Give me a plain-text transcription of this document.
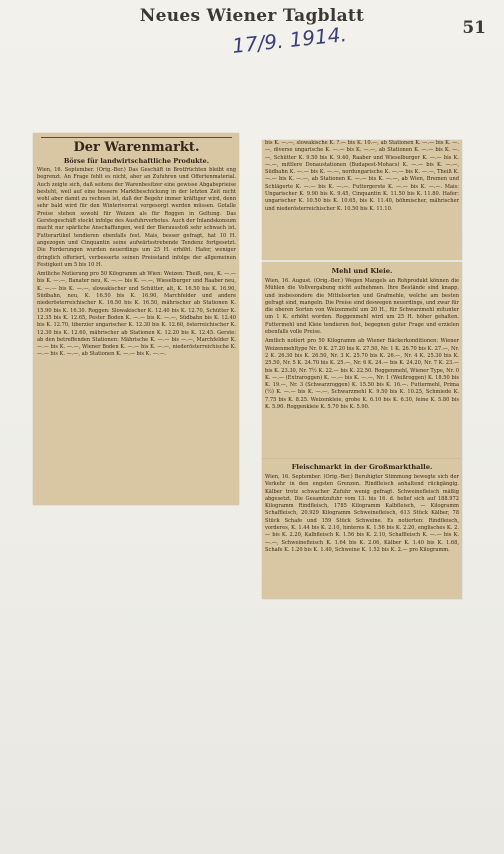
Neues Wiener Tagblatt
51
17/9. 1914.
Der Warenmarkt.
Börse für landwirtschaftliche Produkte.

Wien, 16. September. (Orig.-Ber.) Das Geschäft in Brotfrüchten bleibt eng begrenzt. An Frage fehlt es nicht, aber an Zufuhren und Offertenmaterial. Auch zeigte sich, daß seitens der Warenbesitzer eine gewisse Abgabsprieise besteht, weil auf eine bessere Marktbeschickung in der letzten Zeit nicht wohl aber damit zu rechnen ist, daß der Begehr immer kräftiger wird, denn sehr bald wird für den Winterivorrat vorgesorgt werden müssen. Gotalle Preise stehen sowohl für Weizen als für Roggen in Geltung. Das Gerstegeschäft stockt infolge des Ausfuhrverbotes. Auch der Inlandskonsum macht nur spärliche Anschaffungen, weil der Bierausstoß sehr schwach ist. Futterartikel tendieren ebenfalls fest. Mais, besser gefragt, hat 10 H. angezogen und Cinquantin seine aufwärtsstrebende Tendenz fortgesetzt. Die Forderungen wurden neuerdings um 25 H. erhöht. Hafer, weniger dringlich offeriert, verbesserte seinen Preisstand infolge der allgemeinen Festigkeit um 5 bis 10 H.

Amtliche Notierung pro 50 Kilogramm ab Wien: Weizen: Theiß, neu, K. —.— bis K. —.—, Banater neu, K. —.— bis K. —.—, Wieselburger und Raaber neu, K. —.— bis K. —.—, slowakischer und Schütter, alt, K. 16.50 bis K. 16.90, Südbahn, neu, K. 16.50 bis K. 16.90, Marchfelder und andere niederösterreichischer K. 16.50 bis K. 16.50, mährischer ab Stationen K. 15.90 bis K. 16.30. Roggen: Slowakischer K. 12.40 bis K. 12.70, Schütter K. 12.35 bis K. 12.65, Pester Boden K. —.— bis K. —.—, Südbahn bis K. 12.40 bis K. 12.70, tiberzier ungarischer K. 12.30 bis K. 12.60, österreichischer K. 12.30 bis K. 12.60, mährischer ab Stationen K. 12.20 bis K. 12.45. Gerste: ab den betreffenden Stationen: Mährische K. —.— bis —.—, Marchfelder K. —.— bis K. —.—, Wiener Boden K. —.— bis K. —.—, niederösterreichische K. —.— bis K. —.—, ab Stationen K. —.— bis K. —.—.

bis K. —.—, slowakische K. ?.— bis K. 10.—, ab Stationen K. —.— bis K. —.—, diverse ungarische K. —.— bis K. —.—, ab Stationen K. —.— bis K. —.—, Schütter K. 9.50 bis K. 9.40, Raaber und Wieselburger K. —.— bis K. —.—, mittlere Donaustationen (Budapest-Mohacs) K. —.— bis K. —.—, Südbahn K. —.— bis K. —.—, nordungarische K. —.— bis K. —.—, Theiß K. —.— bis K. —.—, ab Stationen K. —.— bis K. —.—, ab Wien, Bremen und Schlägerte K. —.— bis K. —.—. Futtergerste K. —.— bis K. —.—. Mais: Ungarischer K. 9.90 bis K. 9.45, Cinquantin K. 11.50 bis K. 11.80. Hafer: ungarischer K. 10.50 bis K. 10.65, bis K. 11.40, böhmischer, mährischer und niederösterreichischer K. 10.50 bis K. 11.10.

Mehl und Kleie.

Wien, 16. August. (Orig.-Ber.) Wegen Mangels an Rohprodukt können die Mühlen die Vollvergabung nicht aufnehmen. Ihre Bestände sind knapp, und insbesondere die Mittelsorten und Grafmehle, welche am besten gefragt sind, mangeln. Die Preise sind deswegen neuerdings, und zwar für die oberen Sorten von Weizenmehl um 20 H., für Schwarzmehl mitunter um 1 K. erhöht worden. Roggenmehl wird um 25 H. höher gehalten. Futtermehl und Kleie tendieren fest, begegnen guter Frage und erzielen ebenfalls volle Preise.

Amtlich notiert pro 50 Kilogramm ab Wiener Bäckerkonditionen: Wiener Weizenmehltype Nr. 0 K. 27.20 bis K. 27.50, Nr. 1 K. 26.70 bis K. 27.—, Nr. 2 K. 26.30 bis K. 26.50, Nr. 3 K. 25.70 bis K. 26.—, Nr. 4 K. 25.30 bis K. 25.50, Nr. 5 K. 24.70 bis K. 25.—, Nr. 6 K. 24.— bis K. 24.20, Nr. 7 K. 23.— bis K. 23.30, Nr. 7½ K. 22.— bis K. 22.50. Roggenmehl, Wiener Type, Nr. 0 K. —.— (Extraroggen) K. —.— bis K. —.—, Nr. 1 (Weißroggen) K. 18.50 bis K. 19.—, Nr. 3 (Schwarzroggen) K. 15.50 bis K. 16.—. Futtermehl, Prima (½) K. —.— bis K. —.—, Schwarzmehl K. 9.50 bis K. 10.25, Schmiede K. 7.75 bis K. 8.25. Weizenkleie, grobe K. 6.10 bis K. 6.30, feine K. 5.80 bis K. 5.90. Roggenkleie K. 5.70 bis K. 5.90.

Fleischmarkt in der Großmarkthalle.

Wien, 16. September. (Orig.-Ber.) Beruhigter Stimmung bewegte sich der Verkehr in den engsten Grenzen. Rindfleisch anhaltend rückgängig. Kälber trotz schwacher Zufuhr wenig gefragt. Schweinefleisch mäßig abgesetzt. Die Gesamtzufuhr vom 13. bis 16. d. belief sich auf 188.972 Kilogramm Rindfleisch, 1785 Kilogramm Kalbfleisch, — Kilogramm Schaffleisch, 20.929 Kilogramm Schweinefleisch, 613 Stück Kälber, 78 Stück Schafe und 159 Stück Schweine. Es notierten: Rindfleisch, vorderes, K. 1.44 bis K. 2.10, hinteres K. 1.56 bis K. 2.20, englisches K. 2.— bis K. 2.20, Kalbfleisch K. 1.56 bis K. 2.10, Schaffleisch K. —.— bis K. —.—, Schweinefleisch K. 1.64 bis K. 2.06, Kälber K. 1.40 bis K. 1.68, Schafe K. 1.20 bis K. 1.40, Schweine K. 1.52 bis K. 2.— pro Kilogramm.
